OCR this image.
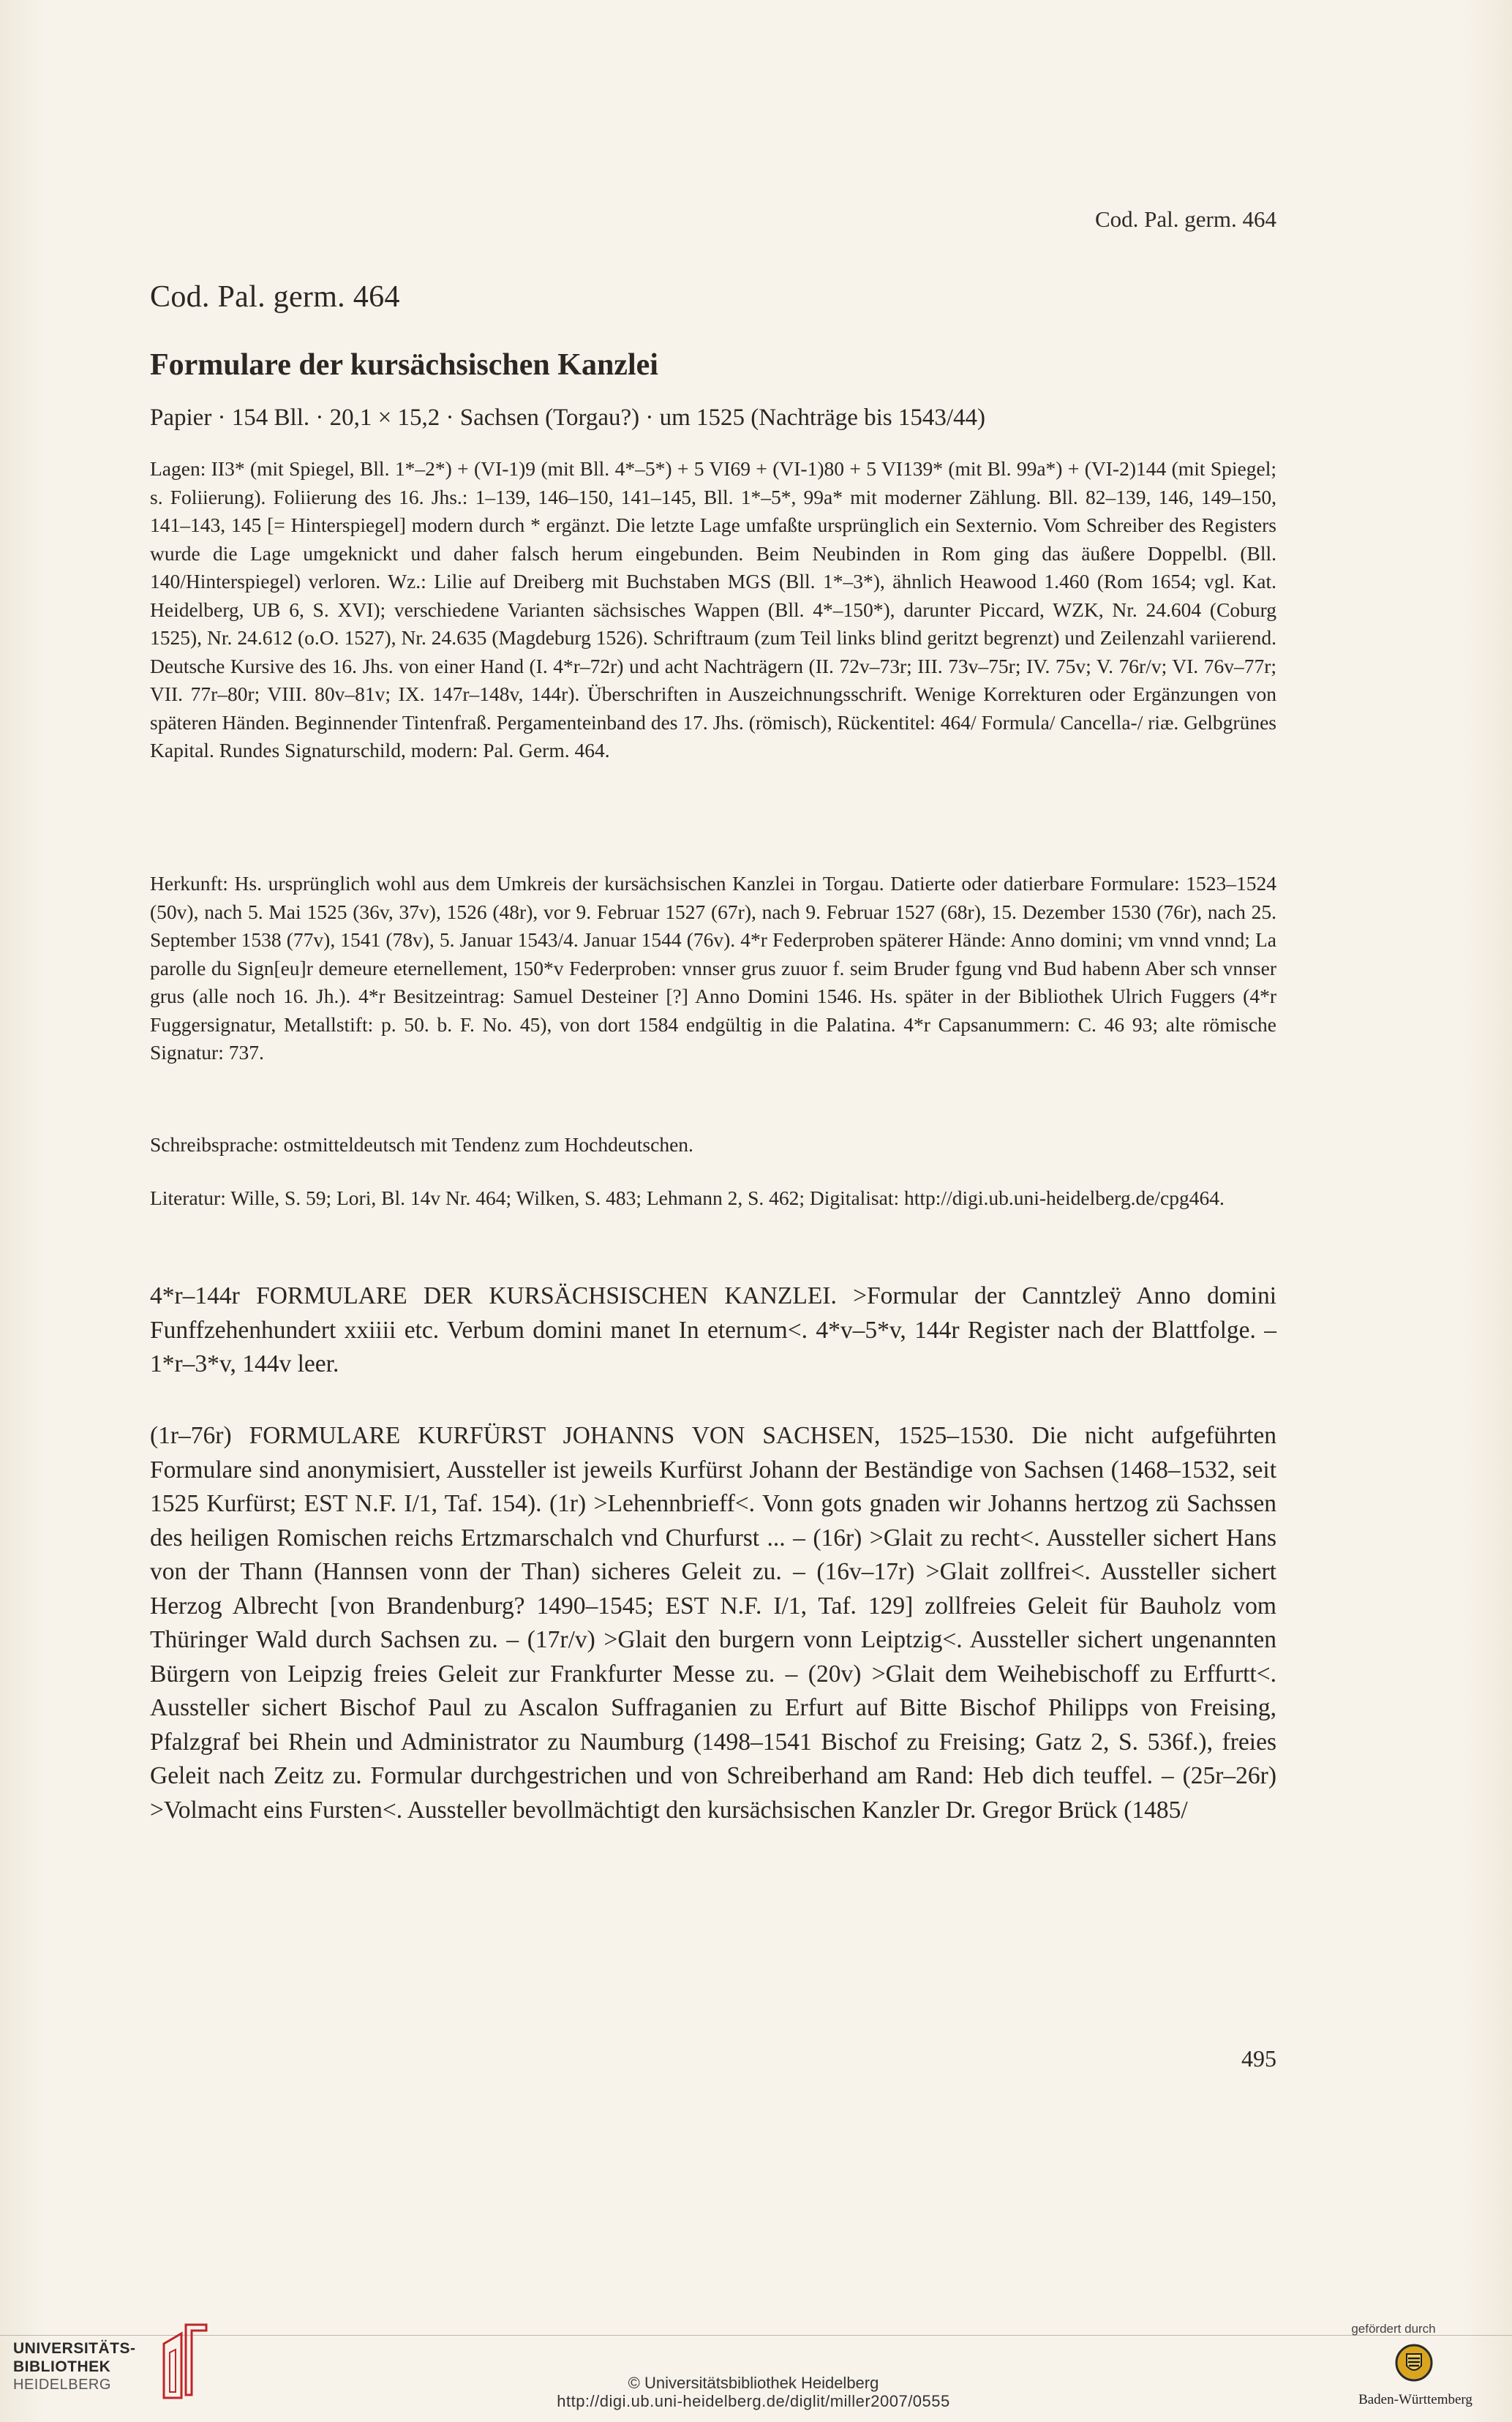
Cod. Pal. germ. 464
Cod. Pal. germ. 464
Formulare der kursächsischen Kanzlei
Papier · 154 Bll. · 20,1 × 15,2 · Sachsen (Torgau?) · um 1525 (Nachträge bis 1543/44)
Lagen: II3* (mit Spiegel, Bll. 1*–2*) + (VI-1)9 (mit Bll. 4*–5*) + 5 VI69 + (VI-1)80 + 5 VI139* (mit Bl. 99a*) + (VI-2)144 (mit Spiegel; s. Foliierung). Foliierung des 16. Jhs.: 1–139, 146–150, 141–145, Bll. 1*–5*, 99a* mit moderner Zählung. Bll. 82–139, 146, 149–150, 141–143, 145 [= Hinterspiegel] modern durch * ergänzt. Die letzte Lage umfaßte ursprünglich ein Sexternio. Vom Schreiber des Registers wurde die Lage umgeknickt und daher falsch herum eingebunden. Beim Neubinden in Rom ging das äußere Doppelbl. (Bll. 140/Hinterspiegel) verloren. Wz.: Lilie auf Dreiberg mit Buchstaben MGS (Bll. 1*–3*), ähnlich Heawood 1.460 (Rom 1654; vgl. Kat. Heidelberg, UB 6, S. XVI); verschiedene Varianten sächsisches Wappen (Bll. 4*–150*), darunter Piccard, WZK, Nr. 24.604 (Coburg 1525), Nr. 24.612 (o.O. 1527), Nr. 24.635 (Magdeburg 1526). Schriftraum (zum Teil links blind geritzt begrenzt) und Zeilenzahl variierend. Deutsche Kursive des 16. Jhs. von einer Hand (I. 4*r–72r) und acht Nachträgern (II. 72v–73r; III. 73v–75r; IV. 75v; V. 76r/v; VI. 76v–77r; VII. 77r–80r; VIII. 80v–81v; IX. 147r–148v, 144r). Überschriften in Auszeichnungsschrift. Wenige Korrekturen oder Ergänzungen von späteren Händen. Beginnender Tintenfraß. Pergamenteinband des 17. Jhs. (römisch), Rückentitel: 464/ Formula/ Cancella-/ riæ. Gelbgrünes Kapital. Rundes Signaturschild, modern: Pal. Germ. 464.
Herkunft: Hs. ursprünglich wohl aus dem Umkreis der kursächsischen Kanzlei in Torgau. Datierte oder datierbare Formulare: 1523–1524 (50v), nach 5. Mai 1525 (36v, 37v), 1526 (48r), vor 9. Februar 1527 (67r), nach 9. Februar 1527 (68r), 15. Dezember 1530 (76r), nach 25. September 1538 (77v), 1541 (78v), 5. Januar 1543/4. Januar 1544 (76v). 4*r Federproben späterer Hände: Anno domini; vm vnnd vnnd; La parolle du Sign[eu]r demeure eternellement, 150*v Federproben: vnnser grus zuuor f. seim Bruder fgung vnd Bud habenn Aber sch vnnser grus (alle noch 16. Jh.). 4*r Besitzeintrag: Samuel Desteiner [?] Anno Domini 1546. Hs. später in der Bibliothek Ulrich Fuggers (4*r Fuggersignatur, Metallstift: p. 50. b. F. No. 45), von dort 1584 endgültig in die Palatina. 4*r Capsanummern: C. 46 93; alte römische Signatur: 737.
Schreibsprache: ostmitteldeutsch mit Tendenz zum Hochdeutschen.
Literatur: Wille, S. 59; Lori, Bl. 14v Nr. 464; Wilken, S. 483; Lehmann 2, S. 462; Digitalisat: http://digi.ub.uni-heidelberg.de/cpg464.
4*r–144r FORMULARE DER KURSÄCHSISCHEN KANZLEI. >Formular der Canntzleÿ Anno domini Funffzehenhundert xxiiii etc. Verbum domini manet In eternum<. 4*v–5*v, 144r Register nach der Blattfolge. – 1*r–3*v, 144v leer.
(1r–76r) FORMULARE KURFÜRST JOHANNS VON SACHSEN, 1525–1530. Die nicht aufgeführten Formulare sind anonymisiert, Aussteller ist jeweils Kurfürst Johann der Beständige von Sachsen (1468–1532, seit 1525 Kurfürst; EST N.F. I/1, Taf. 154). (1r) >Lehennbrieff<. Vonn gots gnaden wir Johanns hertzog zü Sachssen des heiligen Romischen reichs Ertzmarschalch vnd Churfurst ... – (16r) >Glait zu recht<. Aussteller sichert Hans von der Thann (Hannsen vonn der Than) sicheres Geleit zu. – (16v–17r) >Glait zollfrei<. Aussteller sichert Herzog Albrecht [von Brandenburg? 1490–1545; EST N.F. I/1, Taf. 129] zollfreies Geleit für Bauholz vom Thüringer Wald durch Sachsen zu. – (17r/v) >Glait den burgern vonn Leiptzig<. Aussteller sichert ungenannten Bürgern von Leipzig freies Geleit zur Frankfurter Messe zu. – (20v) >Glait dem Weihebischoff zu Erffurtt<. Aussteller sichert Bischof Paul zu Ascalon Suffraganien zu Erfurt auf Bitte Bischof Philipps von Freising, Pfalzgraf bei Rhein und Administrator zu Naumburg (1498–1541 Bischof zu Freising; Gatz 2, S. 536f.), freies Geleit nach Zeitz zu. Formular durchgestrichen und von Schreiberhand am Rand: Heb dich teuffel. – (25r–26r) >Volmacht eins Fursten<. Aussteller bevollmächtigt den kursächsischen Kanzler Dr. Gregor Brück (1485/
495
UNIVERSITÄTS-
BIBLIOTHEK
HEIDELBERG	© Universitätsbibliothek Heidelberg
http://digi.ub.uni-heidelberg.de/diglit/miller2007/0555
gefördert durch
Baden-Württemberg
